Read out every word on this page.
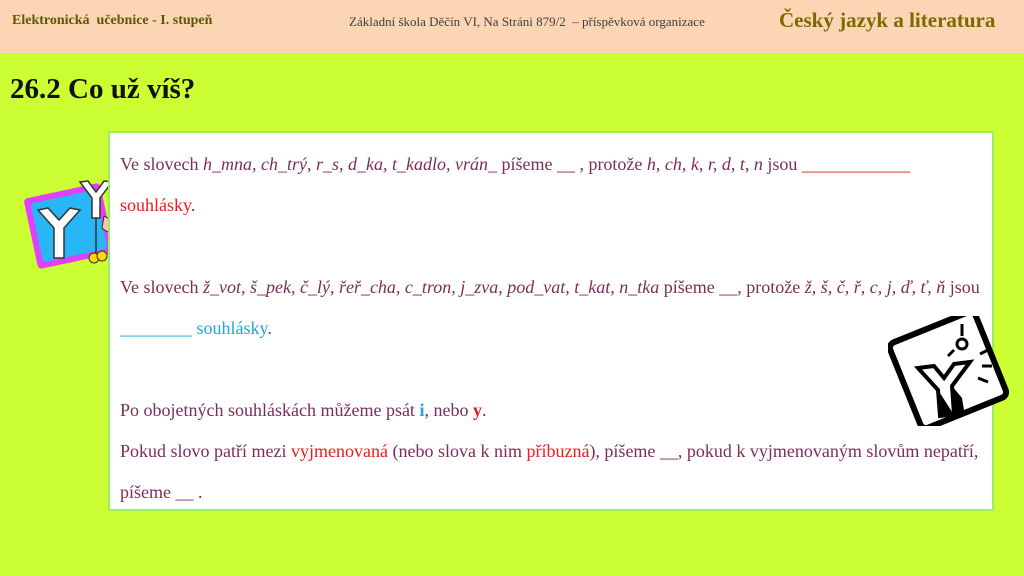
Elektronická  učebnice - I. stupeň	Základní škola Děčín VI, Na Stráni 879/2  – příspěvková organizace	Český jazyk a literatura
26.2 Co už víš?

Ve slovech h_mna, ch_trý, r_s, d_ka, t_kadlo, vrán_ píšeme __ , protože h, ch, k, r, d, t, n jsou ____________ souhlásky.

Ve slovech ž_vot, š_pek, č_lý, řeř_cha, c_tron, j_zva, pod_vat, t_kat, n_tka píšeme __, protože ž, š, č, ř, c, j, ď, ť, ň jsou ________ souhlásky.

Po obojetných souhláskách můžeme psát i, nebo y.

Pokud slovo patří mezi vyjmenovaná (nebo slova k nim příbuzná), píšeme __, pokud k vyjmenovaným slovům nepatří, píšeme __ .
